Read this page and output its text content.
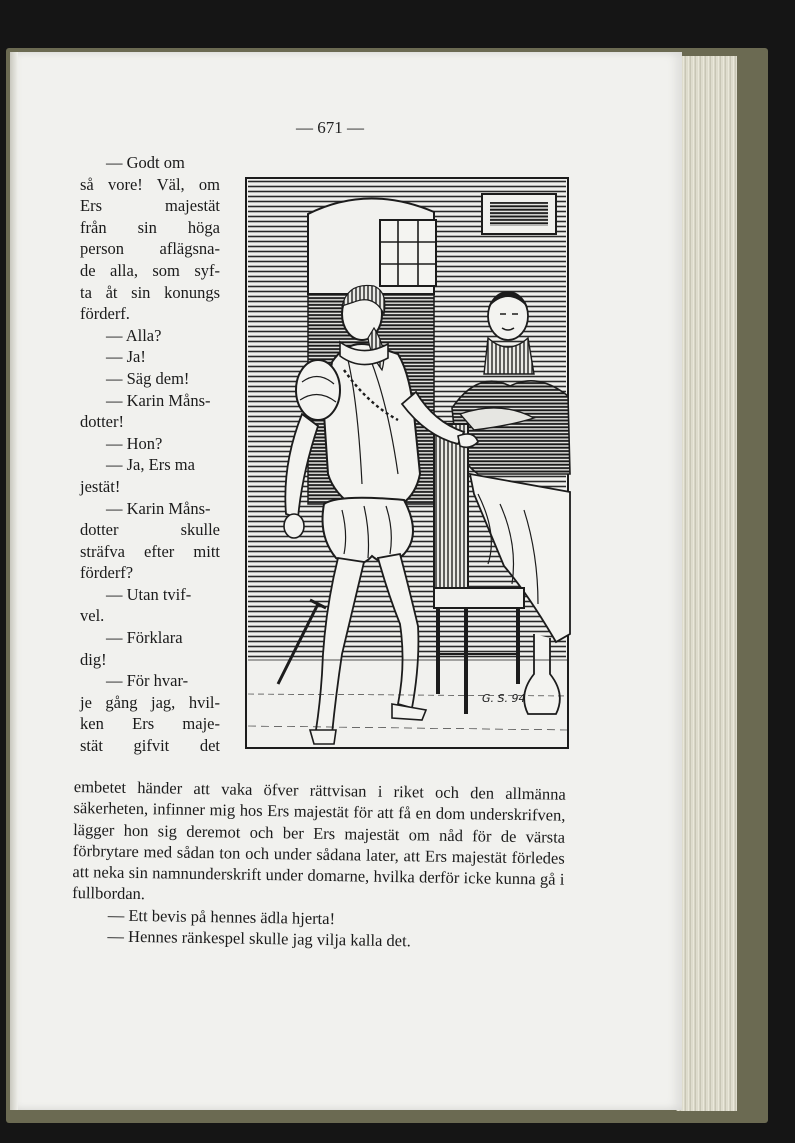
— 671 —

— Godt om

så vore! Väl, om

Ers majestät

från sin höga

person aflägsna-

de alla, som syf-

ta åt sin konungs

förderf.

— Alla?

— Ja!

— Säg dem!

— Karin Måns-

dotter!

— Hon?

— Ja, Ers ma

jestät!

— Karin Måns-

dotter skulle

sträfva efter mitt

förderf?

— Utan tvif-

vel.

— Förklara

dig!

— För hvar-

je gång jag, hvil-

ken Ers maje-

stät gifvit det

G. S. 94

embetet händer att vaka öfver rättvisan i riket och den allmänna säkerheten, infinner mig hos Ers majestät för att få en dom underskrifven, lägger hon sig deremot och ber Ers majestät om nåd för de värsta förbrytare med sådan ton och under sådana later, att Ers majestät förledes att neka sin namnunderskrift under domarne, hvilka derför icke kunna gå i fullbordan.

— Ett bevis på hennes ädla hjerta!

— Hennes ränkespel skulle jag vilja kalla det.
